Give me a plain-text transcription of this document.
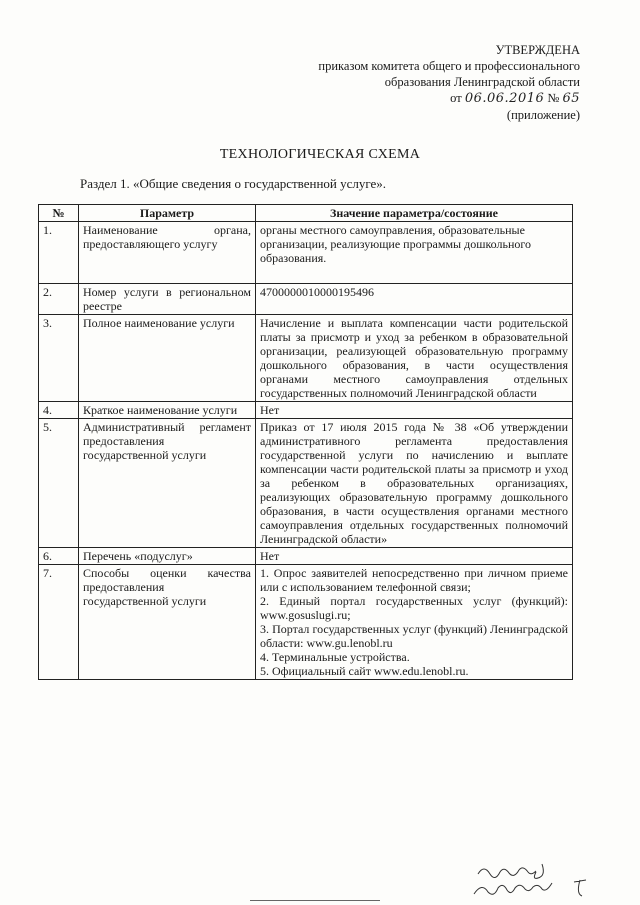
УТВЕРЖДЕНА
приказом комитета общего и профессионального
образования Ленинградской области
от 06.06.2016 № 65
(приложение)
ТЕХНОЛОГИЧЕСКАЯ СХЕМА
Раздел 1. «Общие сведения о государственной услуге».
№	Параметр	Значение параметра/состояние
1.	Наименование органа, предоставляющего услугу	органы местного самоуправления, образовательные организации, реализующие программы дошкольного образования.
2.	Номер услуги в региональном реестре	4700000010000195496
3.	Полное наименование услуги	Начисление и выплата компенсации части родительской платы за присмотр и уход за ребенком в образовательной организации, реализующей образовательную программу дошкольного образования, в части осуществления органами местного самоуправления отдельных государственных полномочий Ленинградской области
4.	Краткое наименование услуги	Нет
5.	Административный регламент предоставления государственной услуги	Приказ от 17 июля 2015 года № 38 «Об утверждении административного регламента предоставления государственной услуги по начислению и выплате компенсации части родительской платы за присмотр и уход за ребенком в образовательных организациях, реализующих образовательную программу дошкольного образования, в части осуществления органами местного самоуправления отдельных государственных полномочий Ленинградской области»
6.	Перечень «подуслуг»	Нет
7.	Способы оценки качества предоставления государственной услуги	1. Опрос заявителей непосредственно при личном приеме или с использованием телефонной связи;
2. Единый портал государственных услуг (функций): www.gosuslugi.ru;
3. Портал государственных услуг (функций) Ленинградской области: www.gu.lenobl.ru
4. Терминальные устройства.
5. Официальный сайт www.edu.lenobl.ru.
